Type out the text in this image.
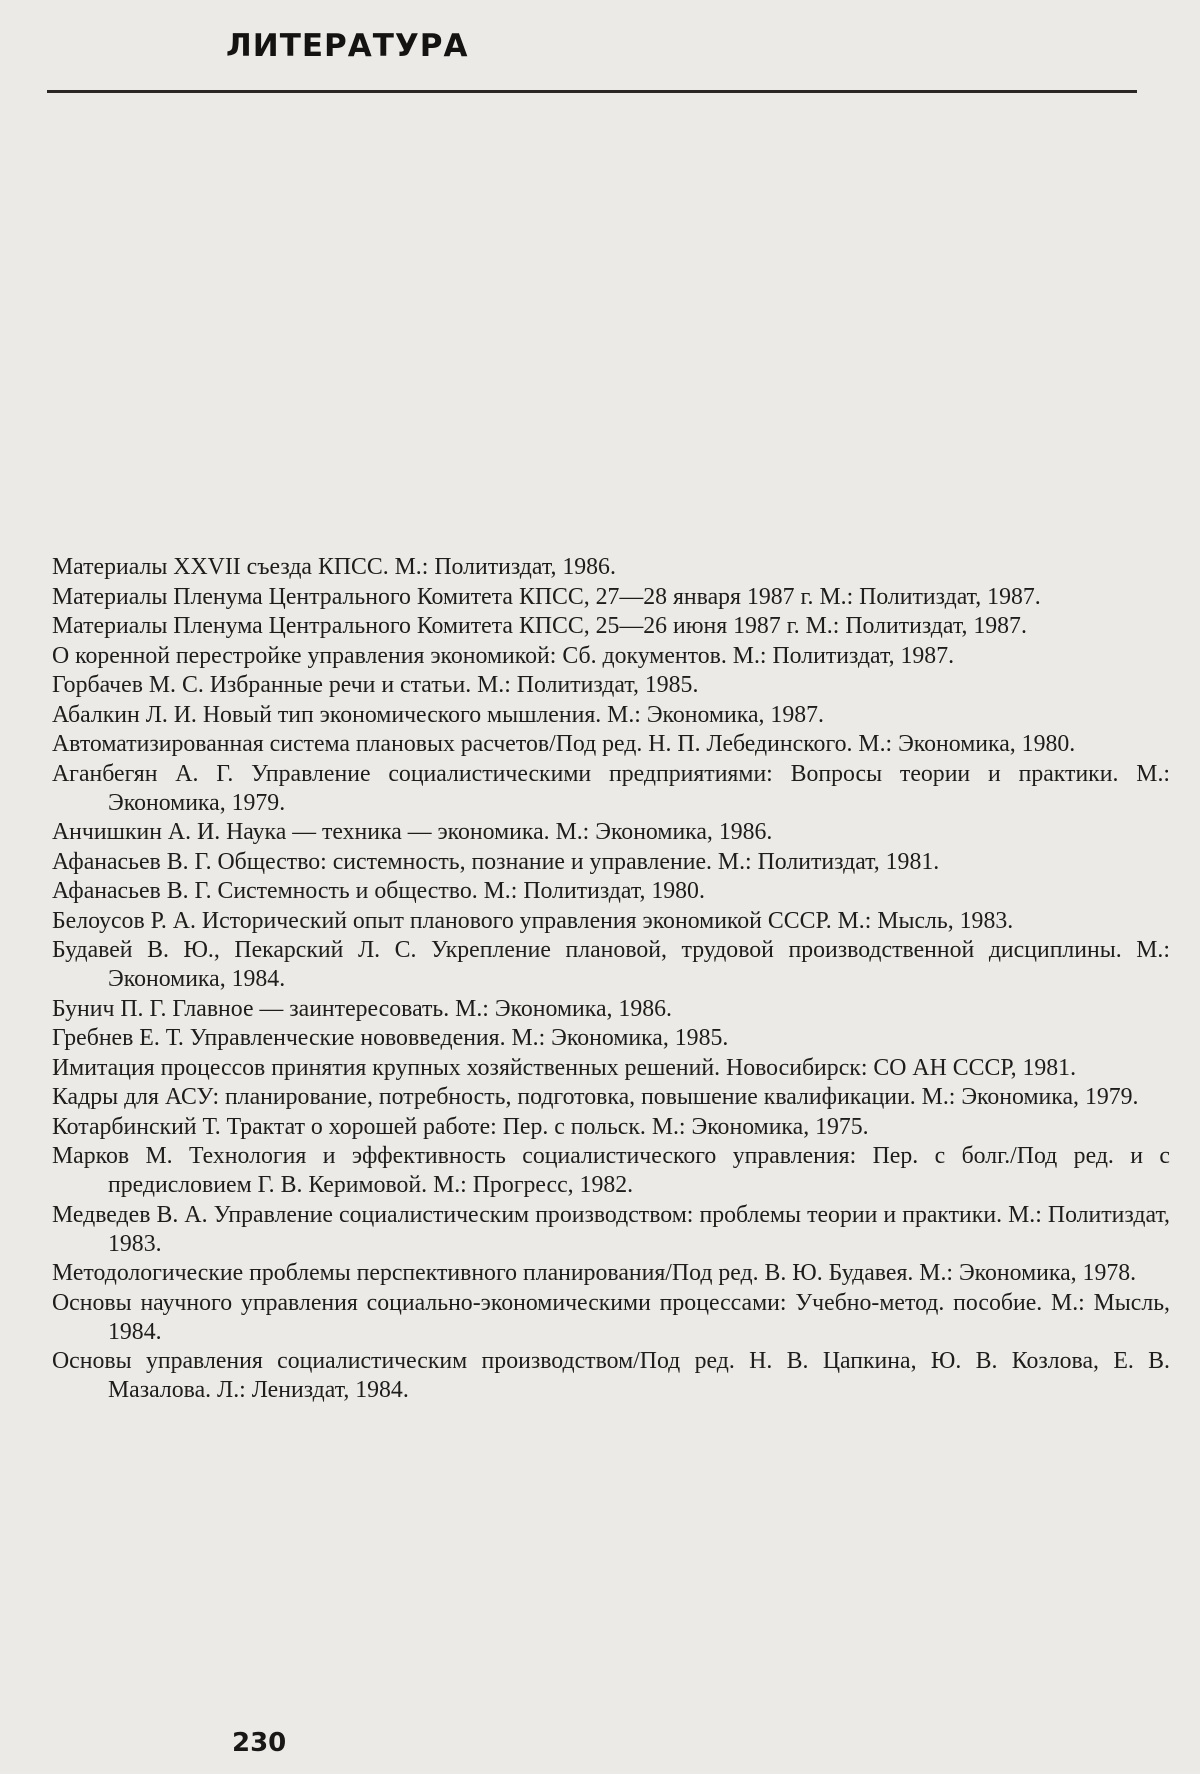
ЛИТЕРАТУРА
Материалы XXVII съезда КПСС. М.: Политиздат, 1986.
Материалы Пленума Центрального Комитета КПСС, 27—28 января 1987 г. М.: Политиздат, 1987.
Материалы Пленума Центрального Комитета КПСС, 25—26 июня 1987 г. М.: Политиздат, 1987.
О коренной перестройке управления экономикой: Сб. документов. М.: Политиздат, 1987.
Горбачев М. С. Избранные речи и статьи. М.: Политиздат, 1985.
Абалкин Л. И. Новый тип экономического мышления. М.: Экономика, 1987.
Автоматизированная система плановых расчетов/Под ред. Н. П. Лебединского. М.: Экономика, 1980.
Аганбегян А. Г. Управление социалистическими предприятиями: Вопросы теории и практики. М.: Экономика, 1979.
Анчишкин А. И. Наука — техника — экономика. М.: Экономика, 1986.
Афанасьев В. Г. Общество: системность, познание и управление. М.: Политиздат, 1981.
Афанасьев В. Г. Системность и общество. М.: Политиздат, 1980.
Белоусов Р. А. Исторический опыт планового управления экономикой СССР. М.: Мысль, 1983.
Будавей В. Ю., Пекарский Л. С. Укрепление плановой, трудовой производственной дисциплины. М.: Экономика, 1984.
Бунич П. Г. Главное — заинтересовать. М.: Экономика, 1986.
Гребнев Е. Т. Управленческие нововведения. М.: Экономика, 1985.
Имитация процессов принятия крупных хозяйственных решений. Новосибирск: СО АН СССР, 1981.
Кадры для АСУ: планирование, потребность, подготовка, повышение квалификации. М.: Экономика, 1979.
Котарбинский Т. Трактат о хорошей работе: Пер. с польск. М.: Экономика, 1975.
Марков М. Технология и эффективность социалистического управления: Пер. с болг./Под ред. и с предисловием Г. В. Керимовой. М.: Прогресс, 1982.
Медведев В. А. Управление социалистическим производством: проблемы теории и практики. М.: Политиздат, 1983.
Методологические проблемы перспективного планирования/Под ред. В. Ю. Будавея. М.: Экономика, 1978.
Основы научного управления социально-экономическими процессами: Учебно-метод. пособие. М.: Мысль, 1984.
Основы управления социалистическим производством/Под ред. Н. В. Цапкина, Ю. В. Козлова, Е. В. Мазалова. Л.: Лениздат, 1984.
230
